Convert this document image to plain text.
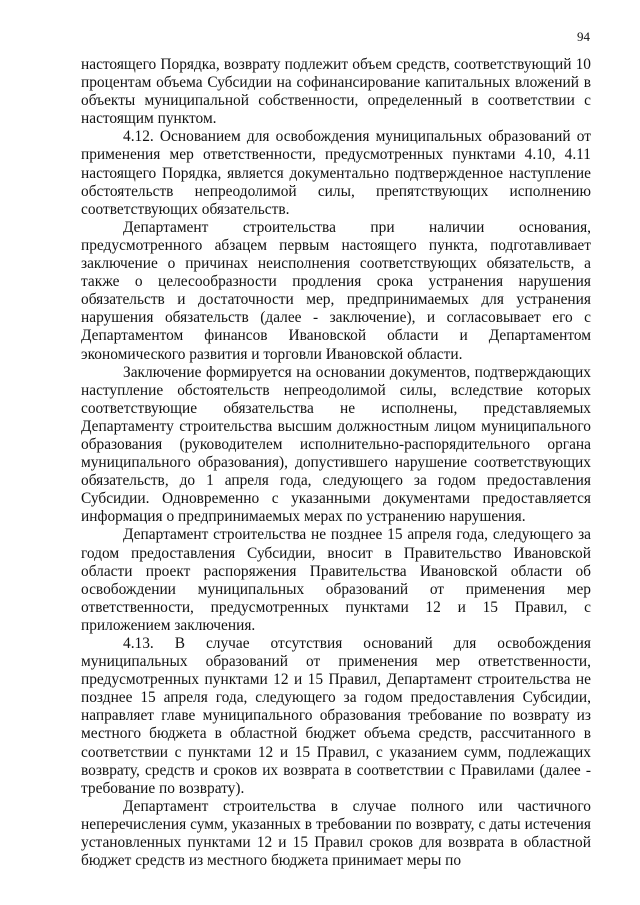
94

настоящего Порядка, возврату подлежит объем средств, соответствующий 10 процентам объема Субсидии на софинансирование капитальных вложений в объекты муниципальной собственности, определенный в соответствии с настоящим пунктом.

4.12. Основанием для освобождения муниципальных образований от применения мер ответственности, предусмотренных пунктами 4.10, 4.11 настоящего Порядка, является документально подтвержденное наступление обстоятельств непреодолимой силы, препятствующих исполнению соответствующих обязательств.

Департамент строительства при наличии основания, предусмотренного абзацем первым настоящего пункта, подготавливает заключение о причинах неисполнения соответствующих обязательств, а также о целесообразности продления срока устранения нарушения обязательств и достаточности мер, предпринимаемых для устранения нарушения обязательств (далее - заключение), и согласовывает его с Департаментом финансов Ивановской области и Департаментом экономического развития и торговли Ивановской области.

Заключение формируется на основании документов, подтверждающих наступление обстоятельств непреодолимой силы, вследствие которых соответствующие обязательства не исполнены, представляемых Департаменту строительства высшим должностным лицом муниципального образования (руководителем исполнительно-распорядительного органа муниципального образования), допустившего нарушение соответствующих обязательств, до 1 апреля года, следующего за годом предоставления Субсидии. Одновременно с указанными документами предоставляется информация о предпринимаемых мерах по устранению нарушения.

Департамент строительства не позднее 15 апреля года, следующего за годом предоставления Субсидии, вносит в Правительство Ивановской области проект распоряжения Правительства Ивановской области об освобождении муниципальных образований от применения мер ответственности, предусмотренных пунктами 12 и 15 Правил, с приложением заключения.

4.13. В случае отсутствия оснований для освобождения муниципальных образований от применения мер ответственности, предусмотренных пунктами 12 и 15 Правил, Департамент строительства не позднее 15 апреля года, следующего за годом предоставления Субсидии, направляет главе муниципального образования требование по возврату из местного бюджета в областной бюджет объема средств, рассчитанного в соответствии с пунктами 12 и 15 Правил, с указанием сумм, подлежащих возврату, средств и сроков их возврата в соответствии с Правилами (далее - требование по возврату).

Департамент строительства в случае полного или частичного неперечисления сумм, указанных в требовании по возврату, с даты истечения установленных пунктами 12 и 15 Правил сроков для возврата в областной бюджет средств из местного бюджета принимает меры по
